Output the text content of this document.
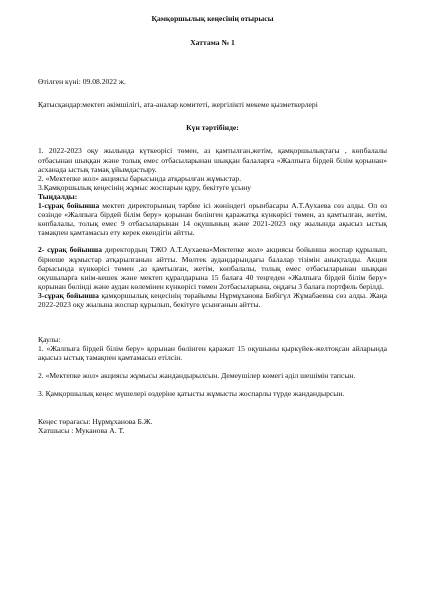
Қамқоршылық кеңесінің отырысы
Хаттама № 1
Өтілген күні: 09.08.2022 ж.
Қатысқандар:мектеп әкімшілігі, ата-аналар комитеті, жергілікті мекеме қызметкерлері
Күн тәртібінде:

1. 2022-2023 оқу жылында күткеорісі төмен, аз қамтылған,жетім, қамқоршылықтағы , көпбалалы отбасынан шыққан және толық емес отбасыларынан шыққан балаларға «Жалпыға бірдей білім қорынан» асханада ыстық тамақ ұйымдастыру.

2. «Мектепке жол» акциясы барысында атқарылған жұмыстар.

3.Қамқоршылық кеңесінің жұмыс жоспарын құру, бекітуге ұсыну

Тыңдалды:

1-сұрақ бойынша мектеп директорының тәрбие ісі жөніндегі орынбасары А.Т.Ауxаева сөз алды. Ол өз сөзінде «Жалпыға бірдей білім беру» қорынан бөлінген қаражатқа күнкөрісі төмен, аз қамтылған, жетім, көпбалалы, толық емес 9 отбасыларынан 14 оқушының және 2021-2023 оқу жылында ақысыз ыстық тамақпен қамтамасыз ету керек екендігін айтты.

2- сұрақ бойынша директордың ТЖО А.Т.Ауxаева«Мектепке жол» акциясы бойынша жоспар құрылып, бірнеше жұмыстар атқарылғанын айтты. Мөлтек аудандарындағы балалар тізімін анықталды. Акция барысында күнкөрісі төмен ,аз қамтылған, жетім, көпбалалы, толық емес отбасыларынан шыққан оқушыларға киім-кешек және мектеп құралдарына 15 балаға 40 теңгеден «Жалпыға бірдей білім беру» қорынан бөлінді және аудан көлемінен күнкөрісі төмен 2отбасыларына, оңдағы 3 балаға портфель берілді.

3-сұрақ бойынша қамқоршылық кеңесінің төрайымы Нұрмұханова Бибігүл Жұмабаевна сөз алды. Жаңа 2022-2023 оқу жылына жоспар құрылып, бекітуге ұсынғанын айтты.

Қаулы:

1. «Жалпыға бірдей білім беру» қорынан бөлінген қаражат 15 оқушыны қыркүйек-желтоқсан айларында ақысыз ыстық тамақпен қамтамасыз етілсін.

2. «Мектепке жол» акциясы жұмысы жандандырылсын. Демеушілер көмегі әділ шешімін тапсын.

3. Қамқоршылық кеңес мүшелері өздеріне қатысты жұмысты жоспарлы түрде жандандырсын.

Кеңес төрағасы: Нұрмұханова Б.Ж.

Хатшысы : Муканова А. Т.
